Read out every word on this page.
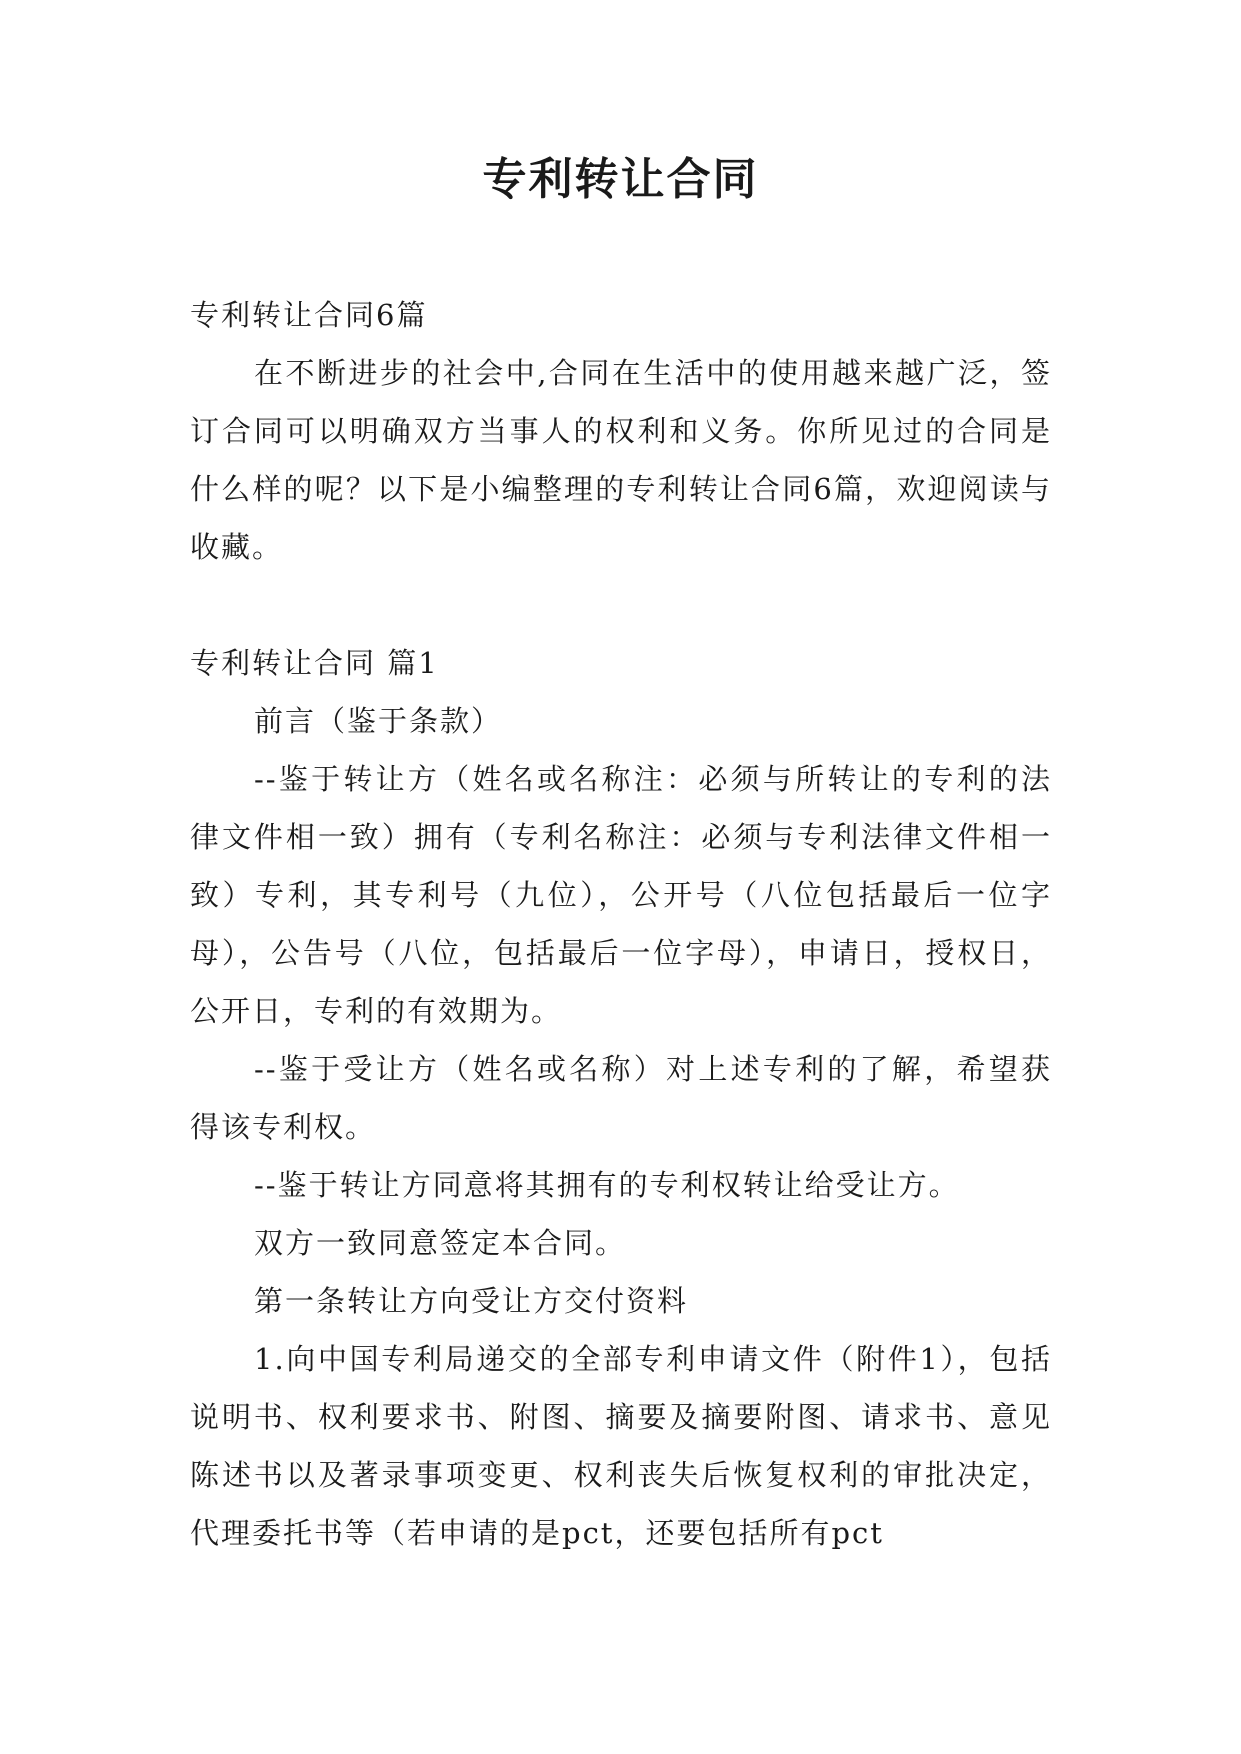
专利转让合同

专利转让合同6篇

在不断进步的社会中,合同在生活中的使用越来越广泛，签订合同可以明确双方当事人的权利和义务。你所见过的合同是什么样的呢？以下是小编整理的专利转让合同6篇，欢迎阅读与收藏。

专利转让合同 篇1

前言（鉴于条款）

--鉴于转让方（姓名或名称注：必须与所转让的专利的法律文件相一致）拥有（专利名称注：必须与专利法律文件相一致）专利，其专利号（九位），公开号（八位包括最后一位字母），公告号（八位，包括最后一位字母），申请日，授权日，公开日，专利的有效期为。

--鉴于受让方（姓名或名称）对上述专利的了解，希望获得该专利权。

--鉴于转让方同意将其拥有的专利权转让给受让方。

双方一致同意签定本合同。

第一条转让方向受让方交付资料

1.向中国专利局递交的全部专利申请文件（附件1），包括说明书、权利要求书、附图、摘要及摘要附图、请求书、意见陈述书以及著录事项变更、权利丧失后恢复权利的审批决定，代理委托书等（若申请的是pct，还要包括所有pct
